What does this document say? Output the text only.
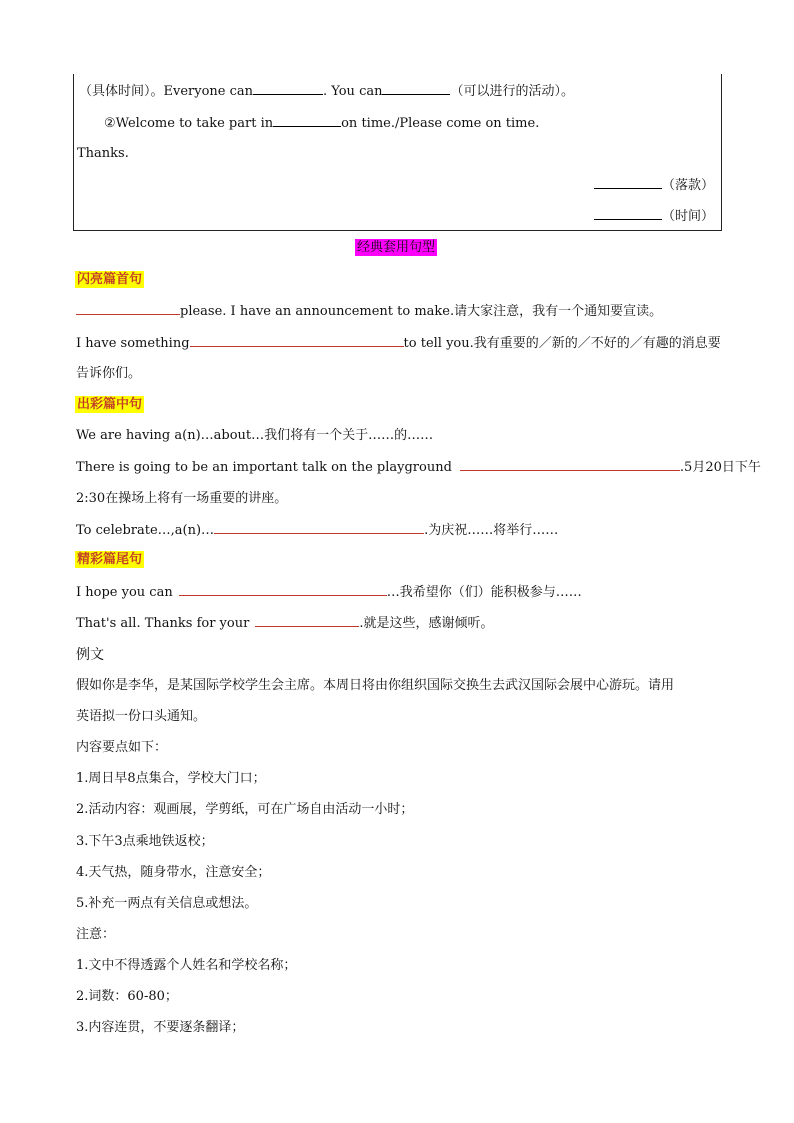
（具体时间）。Everyone can	. You can	（可以进行的活动）。
②Welcome to take part in	on time./Please come on time.
Thanks.
（落款）
（时间）
经典套用句型
闪亮篇首句
please. I have an announcement to make.请大家注意，我有一个通知要宣读。
I have something	to tell you.我有重要的／新的／不好的／有趣的消息要
告诉你们。
出彩篇中句
We are having a(n)…about…我们将有一个关于……的……
There is going to be an important talk on the playground	.5月20日下午
2:30在操场上将有一场重要的讲座。
To celebrate…,a(n)…	.为庆祝……将举行……
精彩篇尾句
I hope you can	…我希望你（们）能积极参与……
That's all. Thanks for your	.就是这些，感谢倾听。
例文
假如你是李华，是某国际学校学生会主席。本周日将由你组织国际交换生去武汉国际会展中心游玩。请用
英语拟一份口头通知。
内容要点如下：
1.周日早8点集合，学校大门口；
2.活动内容：观画展，学剪纸，可在广场自由活动一小时；
3.下午3点乘地铁返校；
4.天气热，随身带水，注意安全；
5.补充一两点有关信息或想法。
注意：
1.文中不得透露个人姓名和学校名称；
2.词数：60-80；
3.内容连贯，不要逐条翻译；
